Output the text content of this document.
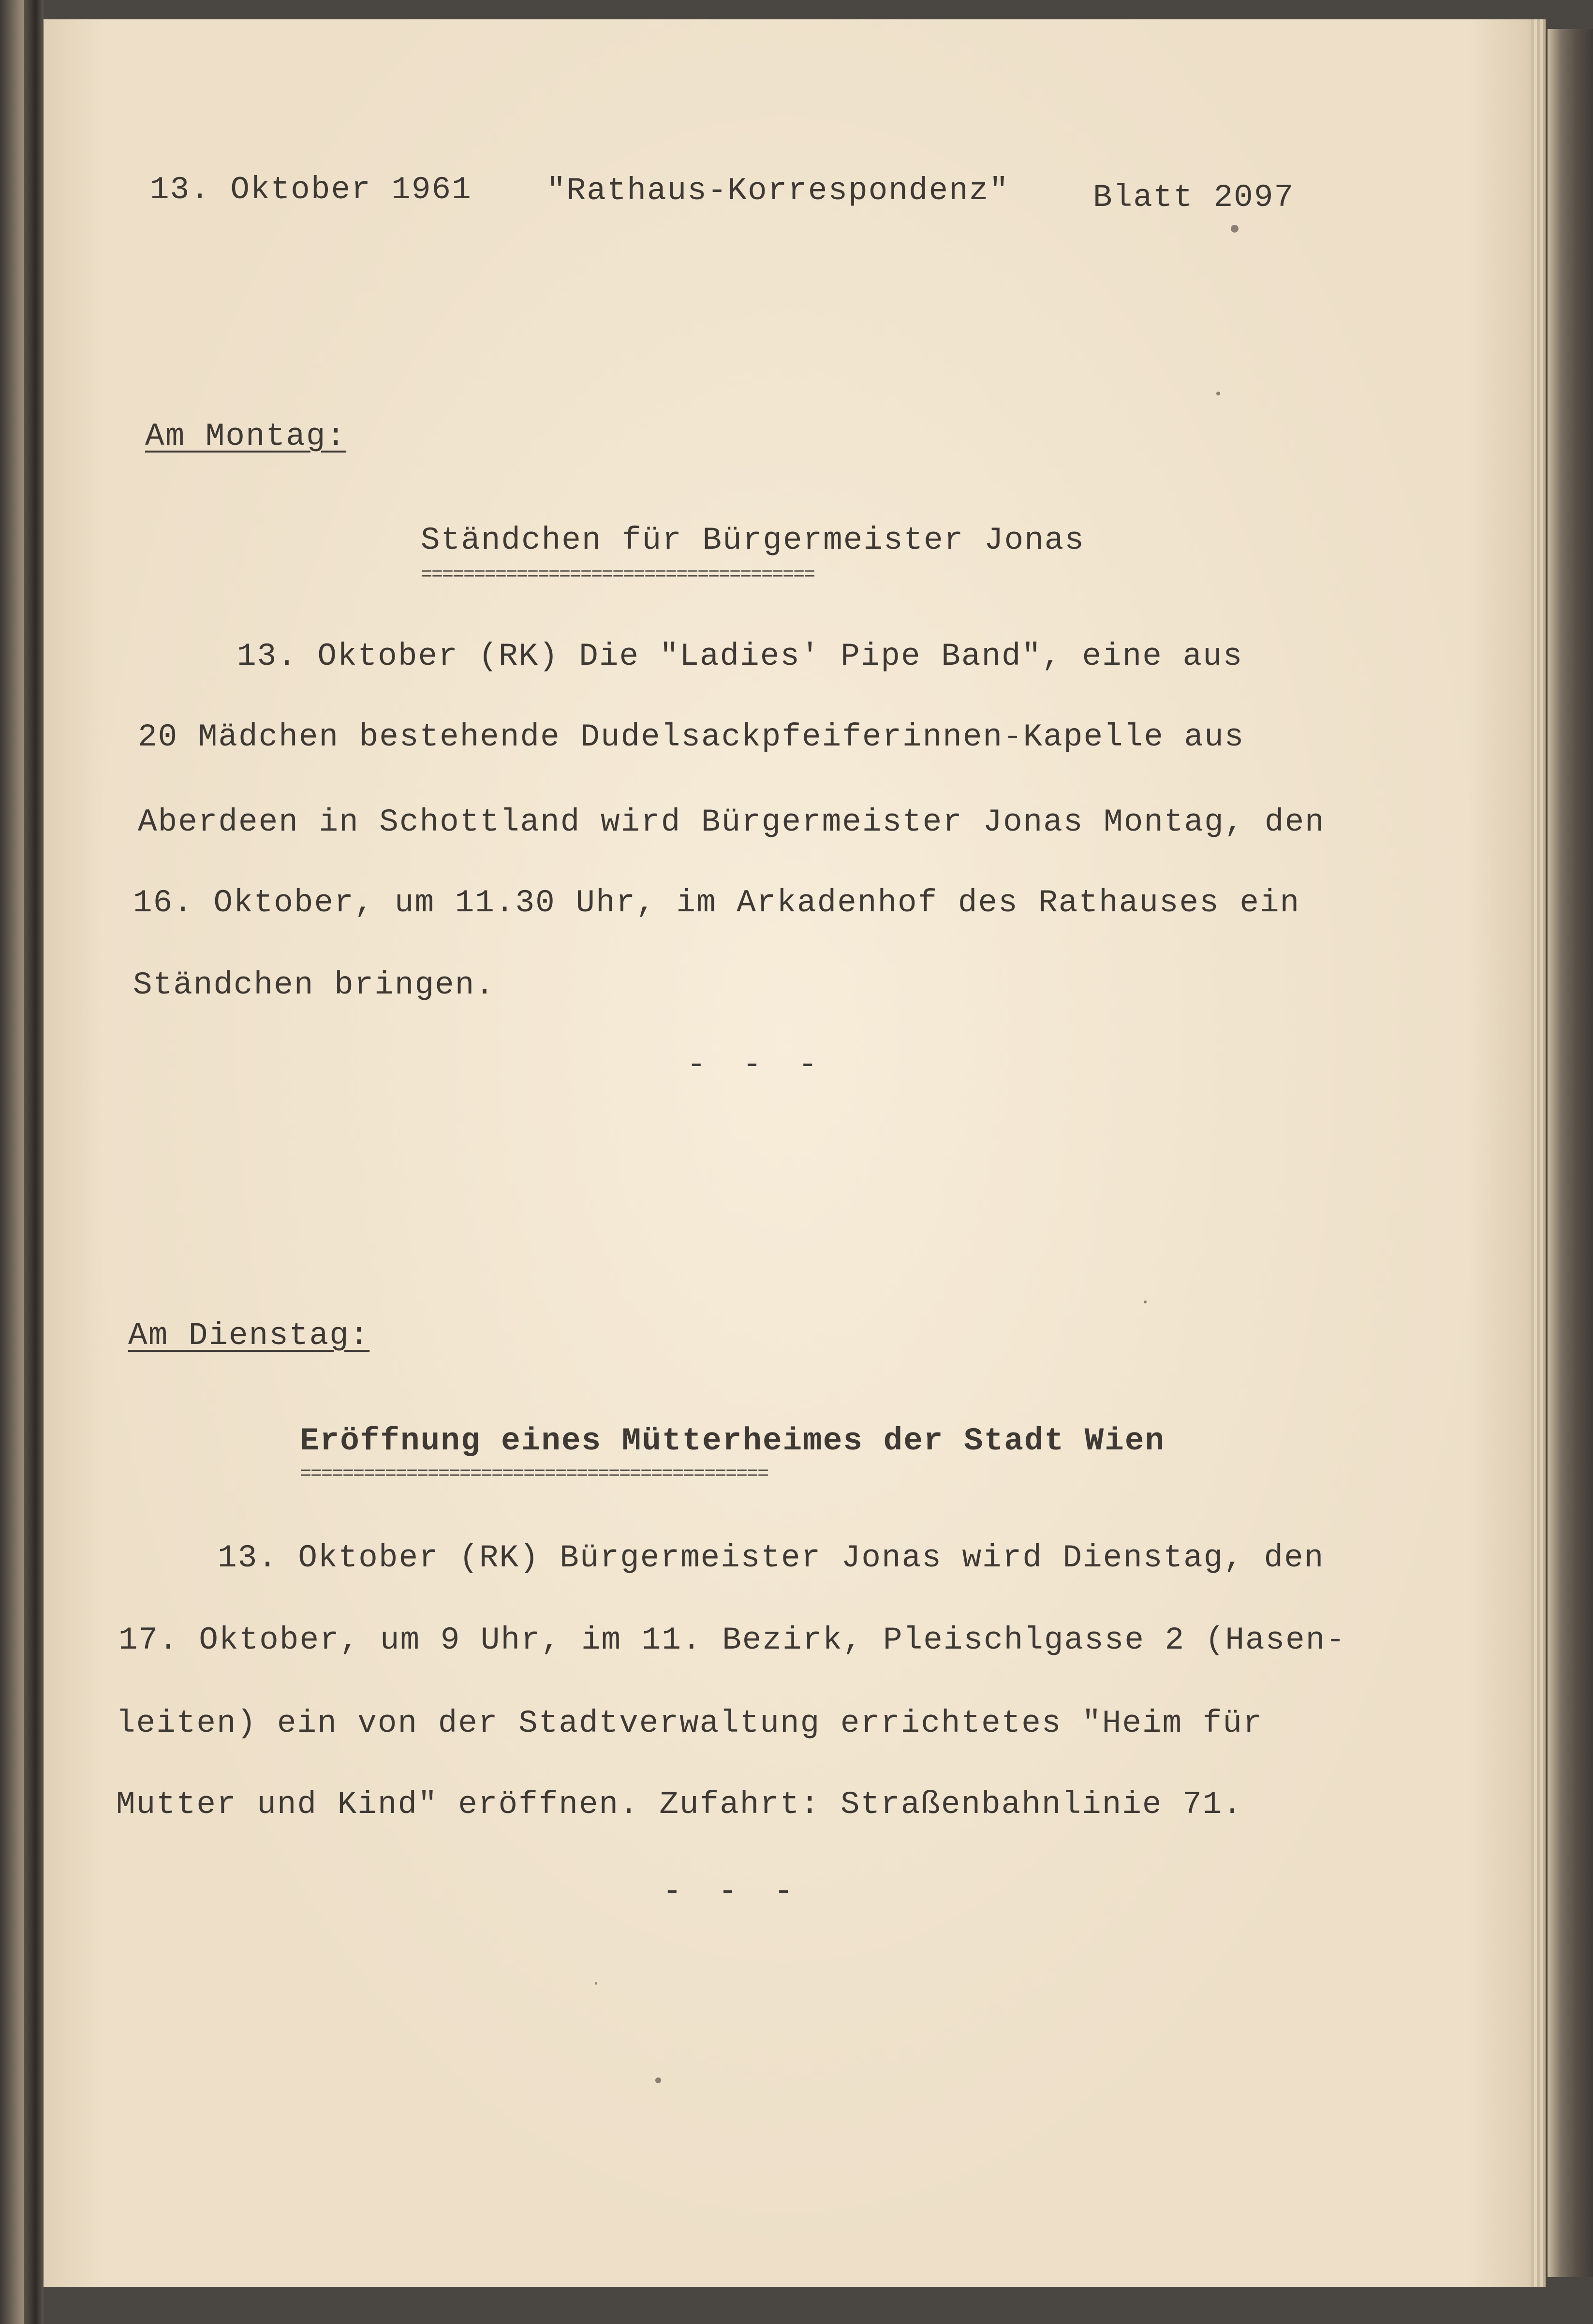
13. Oktober 1961 "Rathaus-Korrespondenz"	Blatt 2097
Am Montag:
Ständchen für Bürgermeister Jonas
=====================================
13. Oktober (RK) Die "Ladies' Pipe Band", eine aus
20 Mädchen bestehende Dudelsackpfeiferinnen-Kapelle aus
Aberdeen in Schottland wird Bürgermeister Jonas Montag, den
16. Oktober, um 11.30 Uhr, im Arkadenhof des Rathauses ein
Ständchen bringen.
- - -
Am Dienstag:
Eröffnung eines Mütterheimes der Stadt Wien
============================================
13. Oktober (RK) Bürgermeister Jonas wird Dienstag, den
17. Oktober, um 9 Uhr, im 11. Bezirk, Pleischlgasse 2 (Hasen-
leiten) ein von der Stadtverwaltung errichtetes "Heim für
Mutter und Kind" eröffnen. Zufahrt: Straßenbahnlinie 71.
- - -
